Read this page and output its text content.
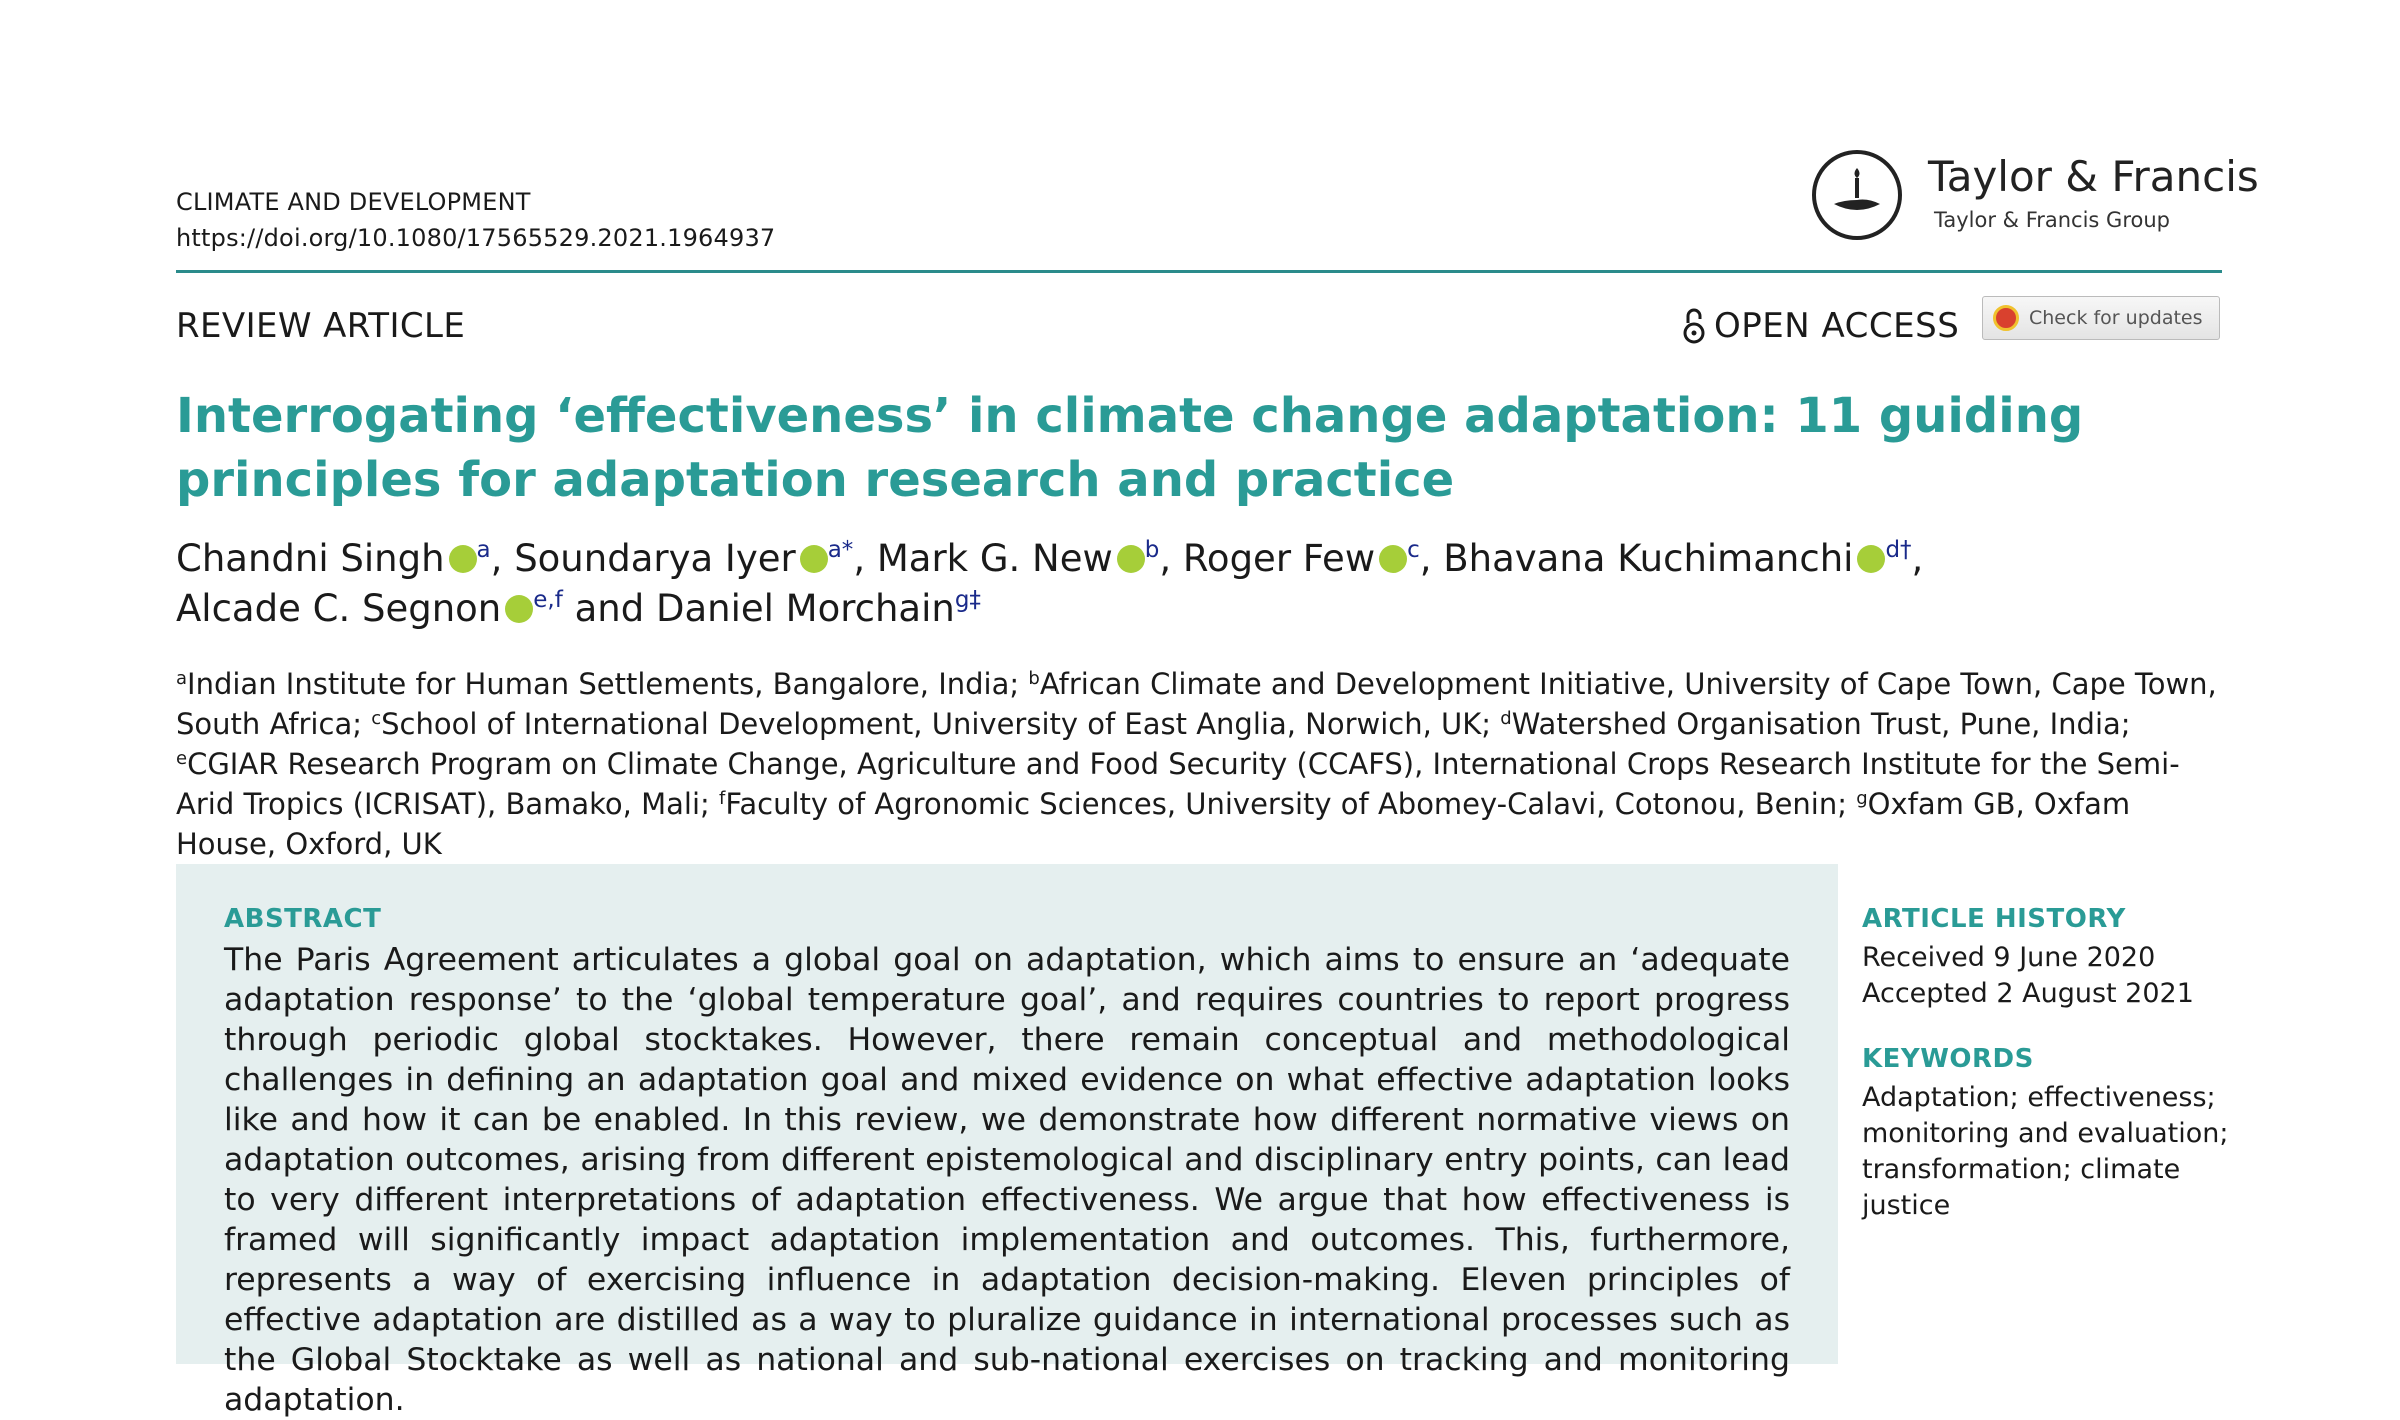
CLIMATE AND DEVELOPMENT
https://doi.org/10.1080/17565529.2021.1964937
Taylor & Francis
Taylor & Francis Group
REVIEW ARTICLE	OPEN ACCESS	Check for updates
Interrogating ‘effectiveness’ in climate change adaptation: 11 guiding principles for adaptation research and practice
Chandni Singh $^a$, Soundarya Iyer $^{a*}$, Mark G. New $^b$, Roger Few $^c$, Bhavana Kuchimanchi $^{d\dagger}$,
Alcade C. Segnon $^{e,f}$ and Daniel Morchain$^{g\ddagger}$
$^a$Indian Institute for Human Settlements, Bangalore, India; $^b$African Climate and Development Initiative, University of Cape Town, Cape Town, South Africa; $^c$School of International Development, University of East Anglia, Norwich, UK; $^d$Watershed Organisation Trust, Pune, India; $^e$CGIAR Research Program on Climate Change, Agriculture and Food Security (CCAFS), International Crops Research Institute for the Semi-Arid Tropics (ICRISAT), Bamako, Mali; $^f$Faculty of Agronomic Sciences, University of Abomey-Calavi, Cotonou, Benin; $^g$Oxfam GB, Oxfam House, Oxford, UK
ABSTRACT
The Paris Agreement articulates a global goal on adaptation, which aims to ensure an ‘adequate adaptation response’ to the ‘global temperature goal’, and requires countries to report progress through periodic global stocktakes. However, there remain conceptual and methodological challenges in defining an adaptation goal and mixed evidence on what effective adaptation looks like and how it can be enabled. In this review, we demonstrate how different normative views on adaptation outcomes, arising from different epistemological and disciplinary entry points, can lead to very different interpretations of adaptation effectiveness. We argue that how effectiveness is framed will significantly impact adaptation implementation and outcomes. This, furthermore, represents a way of exercising influence in adaptation decision-making. Eleven principles of effective adaptation are distilled as a way to pluralize guidance in international processes such as the Global Stocktake as well as national and sub-national exercises on tracking and monitoring adaptation.
ARTICLE HISTORY
Received 9 June 2020
Accepted 2 August 2021
KEYWORDS
Adaptation; effectiveness; monitoring and evaluation; transformation; climate justice
